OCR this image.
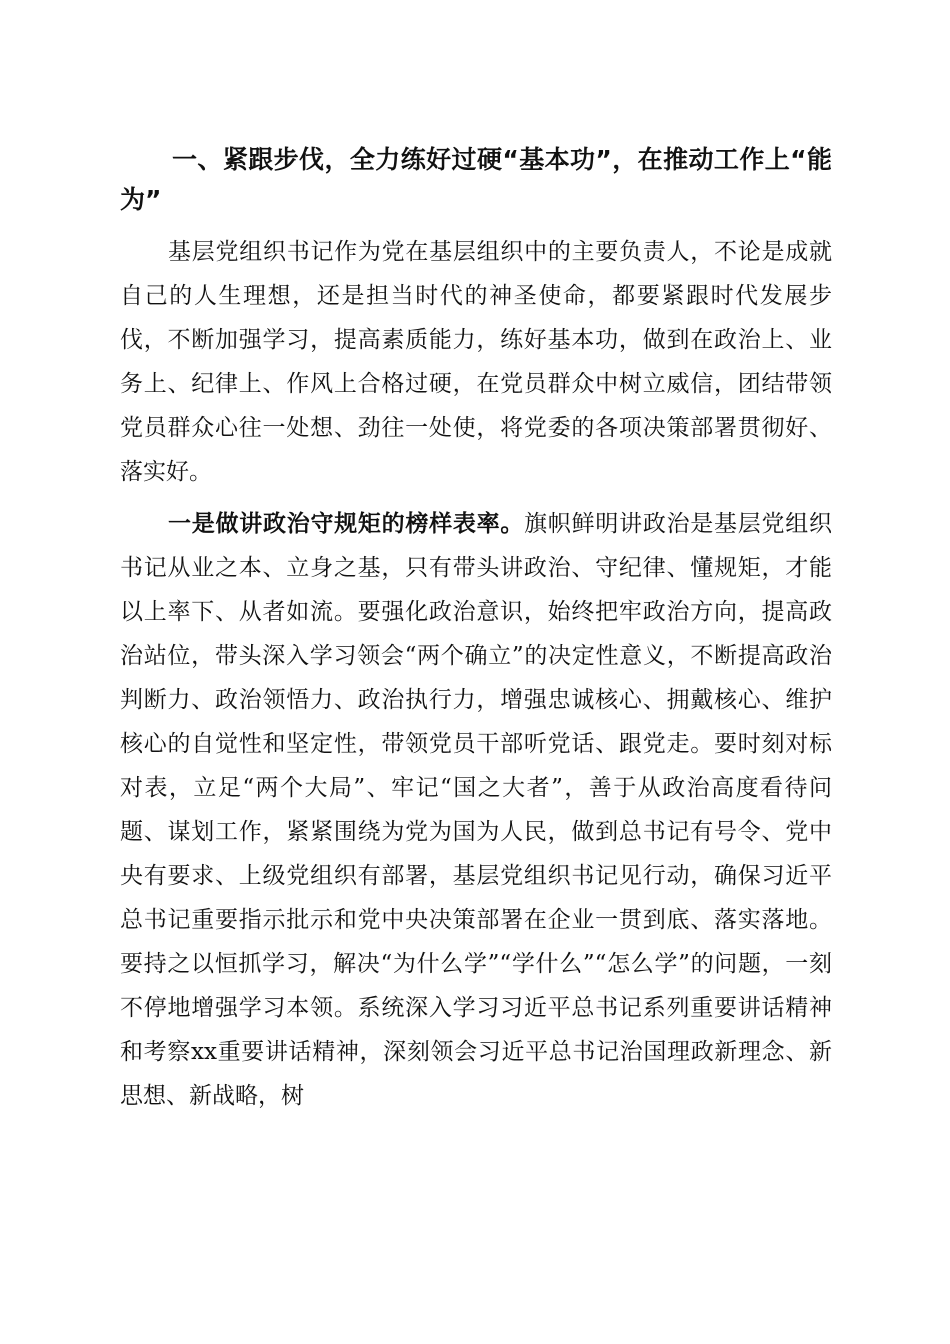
一、紧跟步伐，全力练好过硬“基本功”，在推动工作上“能为”

基层党组织书记作为党在基层组织中的主要负责人，不论是成就自己的人生理想，还是担当时代的神圣使命，都要紧跟时代发展步伐，不断加强学习，提高素质能力，练好基本功，做到在政治上、业务上、纪律上、作风上合格过硬，在党员群众中树立威信，团结带领党员群众心往一处想、劲往一处使，将党委的各项决策部署贯彻好、落实好。

一是做讲政治守规矩的榜样表率。旗帜鲜明讲政治是基层党组织书记从业之本、立身之基，只有带头讲政治、守纪律、懂规矩，才能以上率下、从者如流。要强化政治意识，始终把牢政治方向，提高政治站位，带头深入学习领会“两个确立”的决定性意义，不断提高政治判断力、政治领悟力、政治执行力，增强忠诚核心、拥戴核心、维护核心的自觉性和坚定性，带领党员干部听党话、跟党走。要时刻对标对表，立足“两个大局”、牢记“国之大者”，善于从政治高度看待问题、谋划工作，紧紧围绕为党为国为人民，做到总书记有号令、党中央有要求、上级党组织有部署，基层党组织书记见行动，确保习近平总书记重要指示批示和党中央决策部署在企业一贯到底、落实落地。要持之以恒抓学习，解决“为什么学”“学什么”“怎么学”的问题，一刻不停地增强学习本领。系统深入学习习近平总书记系列重要讲话精神和考察xx重要讲话精神，深刻领会习近平总书记治国理政新理念、新思想、新战略，树
